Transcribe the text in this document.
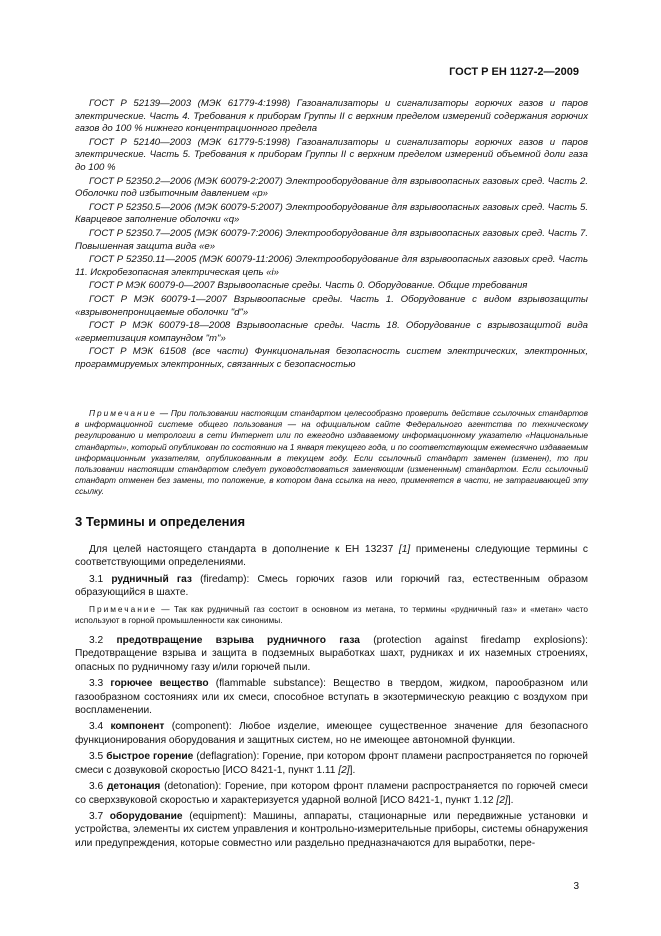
ГОСТ Р ЕН 1127-2—2009

ГОСТ Р 52139—2003 (МЭК 61779-4:1998) Газоанализаторы и сигнализаторы горючих газов и паров электрические. Часть 4. Требования к приборам Группы II с верхним пределом измерений содержания горючих газов до 100 % нижнего концентрационного предела

ГОСТ Р 52140—2003 (МЭК 61779-5:1998) Газоанализаторы и сигнализаторы горючих газов и паров электрические. Часть 5. Требования к приборам Группы II с верхним пределом измерений объемной доли газа до 100 %

ГОСТ Р 52350.2—2006 (МЭК 60079-2:2007) Электрооборудование для взрывоопасных газовых сред. Часть 2. Оболочки под избыточным давлением «р»

ГОСТ Р 52350.5—2006 (МЭК 60079-5:2007) Электрооборудование для взрывоопасных газовых сред. Часть 5. Кварцевое заполнение оболочки «q»

ГОСТ Р 52350.7—2005 (МЭК 60079-7:2006) Электрооборудование для взрывоопасных газовых сред. Часть 7. Повышенная защита вида «е»

ГОСТ Р 52350.11—2005 (МЭК 60079-11:2006) Электрооборудование для взрывоопасных газовых сред. Часть 11. Искробезопасная электрическая цепь «i»

ГОСТ Р МЭК 60079-0—2007 Взрывоопасные среды. Часть 0. Оборудование. Общие требования

ГОСТ Р МЭК 60079-1—2007 Взрывоопасные среды. Часть 1. Оборудование с видом взрывозащиты «взрывонепроницаемые оболочки "d"»

ГОСТ Р МЭК 60079-18—2008 Взрывоопасные среды. Часть 18. Оборудование с взрывозащитой вида «герметизация компаундом "m"»

ГОСТ Р МЭК 61508 (все части) Функциональная безопасность систем электрических, электронных, программируемых электронных, связанных с безопасностью

Примечание — При пользовании настоящим стандартом целесообразно проверить действие ссылочных стандартов в информационной системе общего пользования — на официальном сайте Федерального агентства по техническому регулированию и метрологии в сети Интернет или по ежегодно издаваемому информационному указателю «Национальные стандарты», который опубликован по состоянию на 1 января текущего года, и по соответствующим ежемесячно издаваемым информационным указателям, опубликованным в текущем году. Если ссылочный стандарт заменен (изменен), то при пользовании настоящим стандартом следует руководствоваться заменяющим (измененным) стандартом. Если ссылочный стандарт отменен без замены, то положение, в котором дана ссылка на него, применяется в части, не затрагивающей эту ссылку.

3 Термины и определения

Для целей настоящего стандарта в дополнение к ЕН 13237 [1] применены следующие термины с соответствующими определениями.

3.1 рудничный газ (firedamp): Смесь горючих газов или горючий газ, естественным образом образующийся в шахте.

Примечание — Так как рудничный газ состоит в основном из метана, то термины «рудничный газ» и «метан» часто используют в горной промышленности как синонимы.

3.2 предотвращение взрыва рудничного газа (protection against firedamp explosions): Предотвращение взрыва и защита в подземных выработках шахт, рудниках и их наземных строениях, опасных по рудничному газу и/или горючей пыли.

3.3 горючее вещество (flammable substance): Вещество в твердом, жидком, парообразном или газообразном состояниях или их смеси, способное вступать в экзотермическую реакцию с воздухом при воспламенении.

3.4 компонент (component): Любое изделие, имеющее существенное значение для безопасного функционирования оборудования и защитных систем, но не имеющее автономной функции.

3.5 быстрое горение (deflagration): Горение, при котором фронт пламени распространяется по горючей смеси с дозвуковой скоростью [ИСО 8421-1, пункт 1.11 [2]].

3.6 детонация (detonation): Горение, при котором фронт пламени распространяется по горючей смеси со сверхзвуковой скоростью и характеризуется ударной волной [ИСО 8421-1, пункт 1.12 [2]].

3.7 оборудование (equipment): Машины, аппараты, стационарные или передвижные установки и устройства, элементы их систем управления и контрольно-измерительные приборы, системы обнаружения или предупреждения, которые совместно или раздельно предназначаются для выработки, пере-

3
